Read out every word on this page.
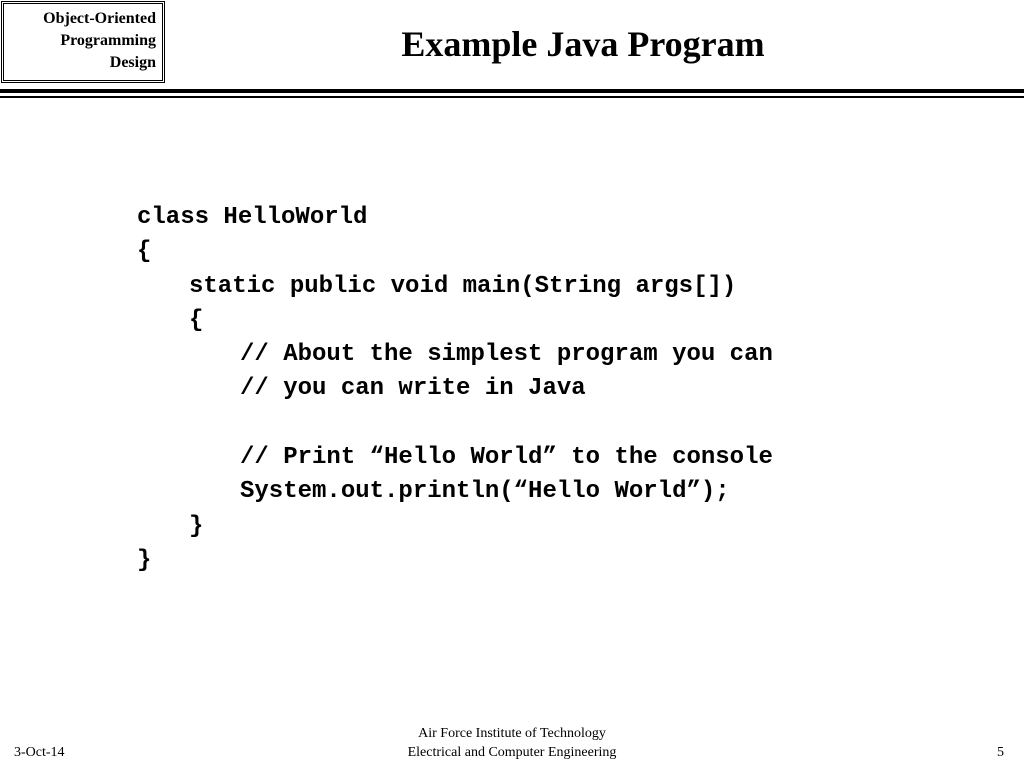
Object-Oriented
Programming
Design	Example Java Program
class HelloWorld
{
static public void main(String args[])
{
// About the simplest program you can
// you can write in Java
// Print “Hello World” to the console
System.out.println(“Hello World”);
}
}
3-Oct-14
Air Force Institute of Technology
Electrical and Computer Engineering	5
